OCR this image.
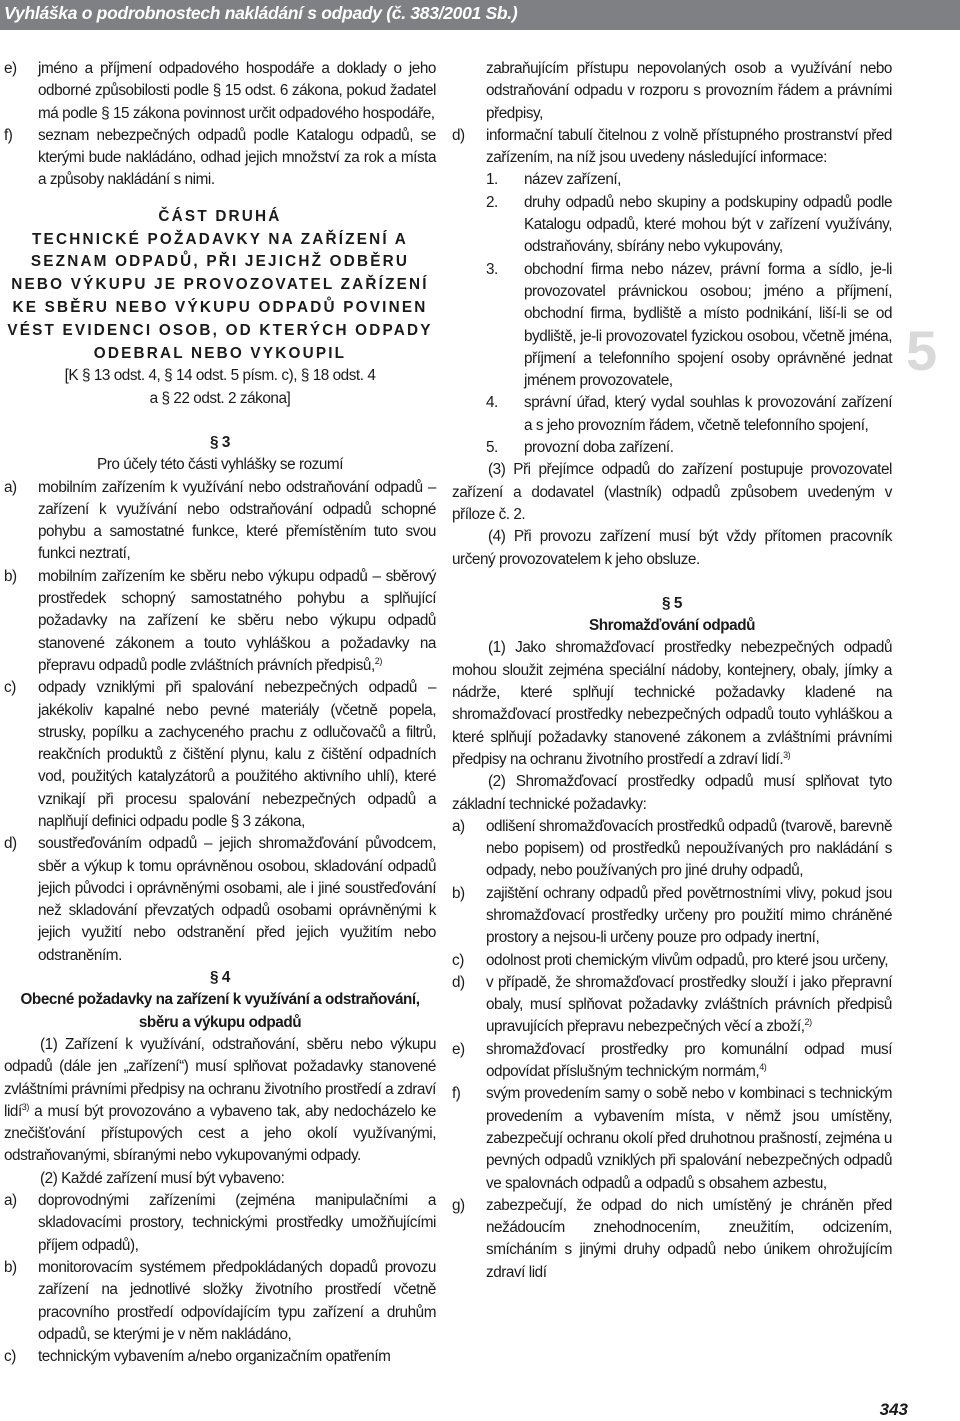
Vyhláška o podrobnostech nakládání s odpady (č. 383/2001 Sb.)
e)	jméno a příjmení odpadového hospodáře a doklady o jeho odborné způsobilosti podle § 15 odst. 6 zákona, pokud žadatel má podle § 15 zákona povinnost určit odpadového hospodáře,
f)	seznam nebezpečných odpadů podle Katalogu odpadů, se kterými bude nakládáno, odhad jejich množství za rok a místa a způsoby nakládání s nimi.

ČÁST DRUHÁ

TECHNICKÉ POŽADAVKY NA ZAŘÍZENÍ A SEZNAM ODPADŮ, PŘI JEJICHŽ ODBĚRU NEBO VÝKUPU JE PROVOZOVATEL ZAŘÍZENÍ KE SBĚRU NEBO VÝKUPU ODPADŮ POVINEN VÉST EVIDENCI OSOB, OD KTERÝCH ODPADY ODEBRAL NEBO VYKOUPIL

[K § 13 odst. 4, § 14 odst. 5 písm. c), § 18 odst. 4

a § 22 odst. 2 zákona]

§ 3

Pro účely této části vyhlášky se rozumí

a)	mobilním zařízením k využívání nebo odstraňování odpadů – zařízení k využívání nebo odstraňování odpadů schopné pohybu a samostatné funkce, které přemístěním tuto svou funkci neztratí,
b)	mobilním zařízením ke sběru nebo výkupu odpadů – sběrový prostředek schopný samostatného pohybu a splňující požadavky na zařízení ke sběru nebo výkupu odpadů stanovené zákonem a touto vyhláškou a požadavky na přepravu odpadů podle zvláštních právních předpisů,$^{2)}$
c)	odpady vzniklými při spalování nebezpečných odpadů – jakékoliv kapalné nebo pevné materiály (včetně popela, strusky, popílku a zachyceného prachu z odlučovačů a filtrů, reakčních produktů z čištění plynu, kalu z čištění odpadních vod, použitých katalyzátorů a použitého aktivního uhlí), které vznikají při procesu spalování nebezpečných odpadů a naplňují definici odpadu podle § 3 zákona,
d)	soustřeďováním odpadů – jejich shromažďování původcem, sběr a výkup k tomu oprávněnou osobou, skladování odpadů jejich původci i oprávněnými osobami, ale i jiné soustřeďování než skladování převzatých odpadů osobami oprávněnými k jejich využití nebo odstranění před jejich využitím nebo odstraněním.

§ 4

Obecné požadavky na zařízení k využívání a odstraňování, sběru a výkupu odpadů

(1) Zařízení k využívání, odstraňování, sběru nebo výkupu odpadů (dále jen „zařízení“) musí splňovat požadavky stanovené zvláštními právními předpisy na ochranu životního prostředí a zdraví lidí$^{3)}$ a musí být provozováno a vybaveno tak, aby nedocházelo ke znečišťování přístupových cest a jeho okolí využívanými, odstraňovanými, sbíranými nebo vykupovanými odpady.

(2) Každé zařízení musí být vybaveno:

a)	doprovodnými zařízeními (zejména manipulačními a skladovacími prostory, technickými prostředky umožňujícími příjem odpadů),
b)	monitorovacím systémem předpokládaných dopadů provozu zařízení na jednotlivé složky životního prostředí včetně pracovního prostředí odpovídajícím typu zařízení a druhům odpadů, se kterými je v něm nakládáno,
c)	technickým vybavením a/nebo organizačním opatřením

zabraňujícím přístupu nepovolaných osob a využívání nebo odstraňování odpadu v rozporu s provozním řádem a právními předpisy,

d)	informační tabulí čitelnou z volně přístupného prostranství před zařízením, na níž jsou uvedeny následující informace:
1.	název zařízení,
2.	druhy odpadů nebo skupiny a podskupiny odpadů podle Katalogu odpadů, které mohou být v zařízení využívány, odstraňovány, sbírány nebo vykupovány,
3.	obchodní firma nebo název, právní forma a sídlo, je-li provozovatel právnickou osobou; jméno a příjmení, obchodní firma, bydliště a místo podnikání, liší-li se od bydliště, je-li provozovatel fyzickou osobou, včetně jména, příjmení a telefonního spojení osoby oprávněné jednat jménem provozovatele,
4.	správní úřad, který vydal souhlas k provozování zařízení a s jeho provozním řádem, včetně telefonního spojení,
5.	provozní doba zařízení.

(3) Při přejímce odpadů do zařízení postupuje provozovatel zařízení a dodavatel (vlastník) odpadů způsobem uvedeným v příloze č. 2.

(4) Při provozu zařízení musí být vždy přítomen pracovník určený provozovatelem k jeho obsluze.

§ 5

Shromažďování odpadů

(1) Jako shromažďovací prostředky nebezpečných odpadů mohou sloužit zejména speciální nádoby, kontejnery, obaly, jímky a nádrže, které splňují technické požadavky kladené na shromažďovací prostředky nebezpečných odpadů touto vyhláškou a které splňují požadavky stanovené zákonem a zvláštními právními předpisy na ochranu životního prostředí a zdraví lidí.$^{3)}$

(2) Shromažďovací prostředky odpadů musí splňovat tyto základní technické požadavky:

a)	odlišení shromažďovacích prostředků odpadů (tvarově, barevně nebo popisem) od prostředků nepoužívaných pro nakládání s odpady, nebo používaných pro jiné druhy odpadů,
b)	zajištění ochrany odpadů před povětrnostními vlivy, pokud jsou shromažďovací prostředky určeny pro použití mimo chráněné prostory a nejsou-li určeny pouze pro odpady inertní,
c)	odolnost proti chemickým vlivům odpadů, pro které jsou určeny,
d)	v případě, že shromažďovací prostředky slouží i jako přepravní obaly, musí splňovat požadavky zvláštních právních předpisů upravujících přepravu nebezpečných věcí a zboží,$^{2)}$
e)	shromažďovací prostředky pro komunální odpad musí odpovídat příslušným technickým normám,$^{4)}$
f)	svým provedením samy o sobě nebo v kombinaci s technickým provedením a vybavením místa, v němž jsou umístěny, zabezpečují ochranu okolí před druhotnou prašností, zejména u pevných odpadů vzniklých při spalování nebezpečných odpadů ve spalovnách odpadů a odpadů s obsahem azbestu,
g)	zabezpečují, že odpad do nich umístěný je chráněn před nežádoucím znehodnocením, zneužitím, odcizením, smícháním s jinými druhy odpadů nebo únikem ohrožujícím zdraví lidí
5
343
